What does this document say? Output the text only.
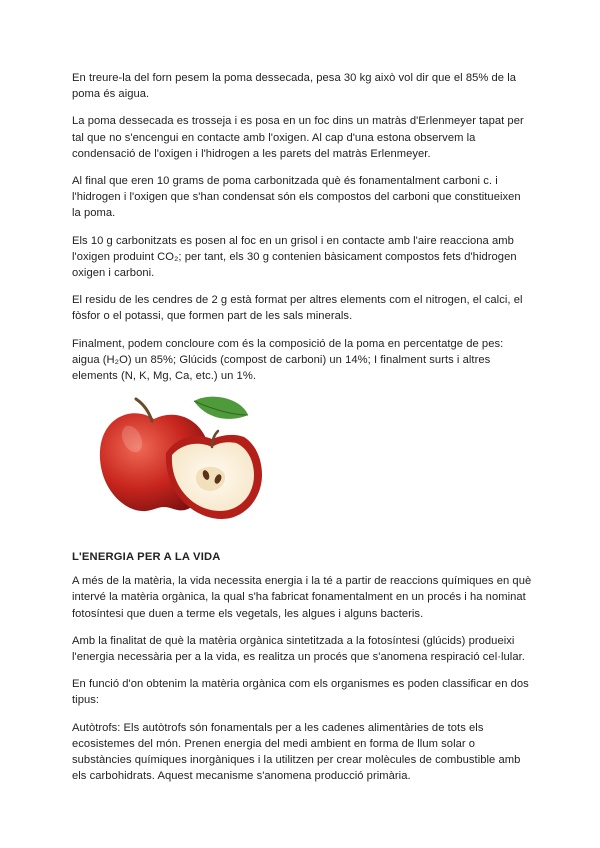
En treure-la del forn pesem la poma dessecada, pesa 30 kg això vol dir que el 85% de la poma és aigua.

La poma dessecada es trosseja i es posa en un foc dins un matràs d'Erlenmeyer tapat per tal que no s'encengui en contacte amb l'oxigen. Al cap d'una estona observem la condensació de l'oxigen i l'hidrogen a les parets del matràs Erlenmeyer.

Al final que eren 10 grams de poma carbonitzada què és fonamentalment carboni c. i l'hidrogen i l'oxigen que s'han condensat són els compostos del carboni que constitueixen la poma.

Els 10 g carbonitzats es posen al foc en un grisol i en contacte amb l'aire reacciona amb l'oxigen produint CO₂; per tant, els 30 g contenien bàsicament compostos fets d'hidrogen oxigen i carboni.

El residu de les cendres de 2 g està format per altres elements com el nitrogen, el calci, el fòsfor o el potassi, que formen part de les sals minerals.

Finalment, podem concloure com és la composició de la poma en percentatge de pes: aigua (H₂O) un 85%; Glúcids (compost de carboni) un 14%; I finalment surts i altres elements (N, K, Mg, Ca, etc.) un 1%.

L'ENERGIA PER A LA VIDA

A més de la matèria, la vida necessita energia i la té a partir de reaccions químiques en què intervé la matèria orgànica, la qual s'ha fabricat fonamentalment en un procés i ha nominat fotosíntesi que duen a terme els vegetals, les algues i alguns bacteris.

Amb la finalitat de què la matèria orgànica sintetitzada a la fotosíntesi (glúcids) produeixi l'energia necessària per a la vida, es realitza un procés que s'anomena respiració cel·lular.

En funció d'on obtenim la matèria orgànica com els organismes es poden classificar en dos tipus:

Autòtrofs: Els autòtrofs són fonamentals per a les cadenes alimentàries de tots els ecosistemes del món. Prenen energia del medi ambient en forma de llum solar o substàncies químiques inorgàniques i la utilitzen per crear molècules de combustible amb els carbohidrats. Aquest mecanisme s'anomena producció primària.
